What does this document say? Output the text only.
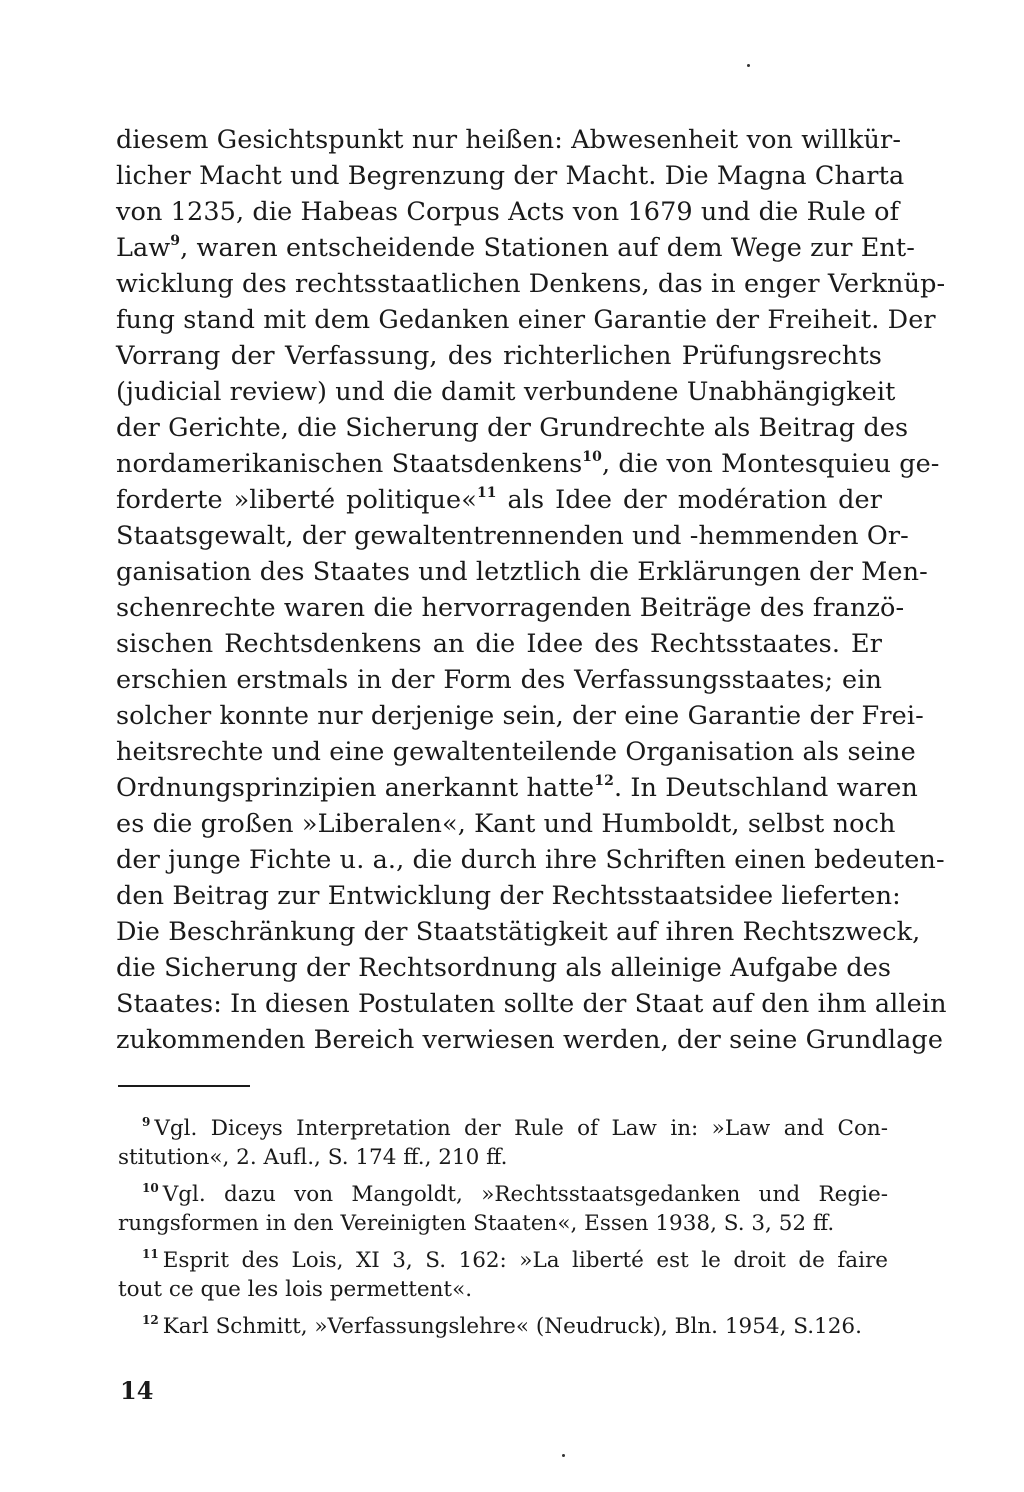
diesem Gesichtspunkt nur heißen: Abwesenheit von willkür-
licher Macht und Begrenzung der Macht. Die Magna Charta
von 1235, die Habeas Corpus Acts von 1679 und die Rule of
Law$^9$, waren entscheidende Stationen auf dem Wege zur Ent-
wicklung des rechtsstaatlichen Denkens, das in enger Verknüp-
fung stand mit dem Gedanken einer Garantie der Freiheit. Der
Vorrang der Verfassung, des richterlichen Prüfungsrechts
(judicial review) und die damit verbundene Unabhängigkeit
der Gerichte, die Sicherung der Grundrechte als Beitrag des
nordamerikanischen Staatsdenkens$^{10}$, die von Montesquieu ge-
forderte »liberté politique«$^{11}$ als Idee der modération der
Staatsgewalt, der gewaltentrennenden und -hemmenden Or-
ganisation des Staates und letztlich die Erklärungen der Men-
schenrechte waren die hervorragenden Beiträge des franzö-
sischen Rechtsdenkens an die Idee des Rechtsstaates. Er
erschien erstmals in der Form des Verfassungsstaates; ein
solcher konnte nur derjenige sein, der eine Garantie der Frei-
heitsrechte und eine gewaltenteilende Organisation als seine
Ordnungsprinzipien anerkannt hatte$^{12}$. In Deutschland waren
es die großen »Liberalen«, Kant und Humboldt, selbst noch
der junge Fichte u. a., die durch ihre Schriften einen bedeuten-
den Beitrag zur Entwicklung der Rechtsstaatsidee lieferten:
Die Beschränkung der Staatstätigkeit auf ihren Rechtszweck,
die Sicherung der Rechtsordnung als alleinige Aufgabe des
Staates: In diesen Postulaten sollte der Staat auf den ihm allein
zukommenden Bereich verwiesen werden, der seine Grundlage
$^9$ Vgl. Diceys Interpretation der Rule of Law in: »Law and Con-
stitution«, 2. Aufl., S. 174 ff., 210 ff.
$^{10}$ Vgl. dazu von Mangoldt, »Rechtsstaatsgedanken und Regie-
rungsformen in den Vereinigten Staaten«, Essen 1938, S. 3, 52 ff.
$^{11}$ Esprit des Lois, XI 3, S. 162: »La liberté est le droit de faire
tout ce que les lois permettent«.
$^{12}$ Karl Schmitt, »Verfassungslehre« (Neudruck), Bln. 1954, S.126.
14
